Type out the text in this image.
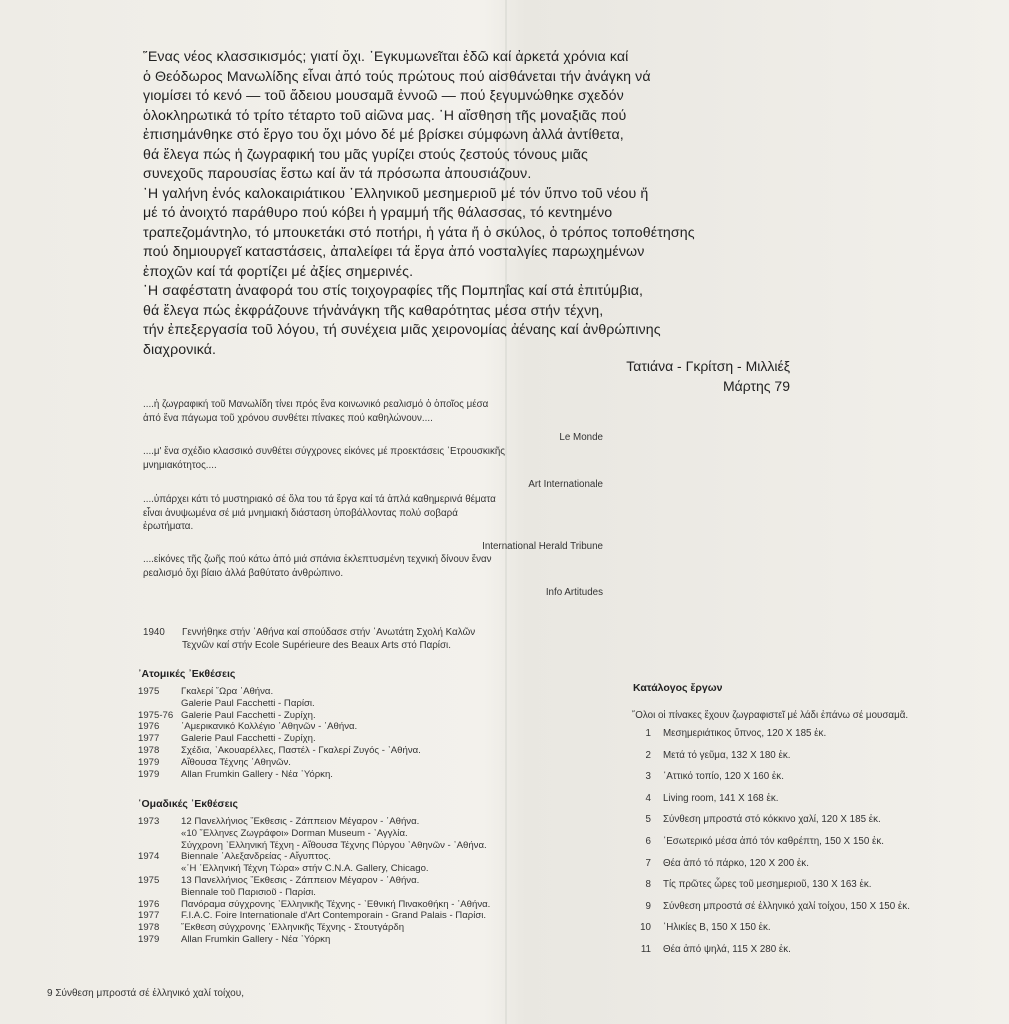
῞Ενας νέος κλασσικισμός; γιατί ὄχι. ᾽Εγκυμωνεῖται ἐδῶ καί ἀρκετά χρόνια καί

ὁ Θεόδωρος Μανωλίδης εἶναι ἀπό τούς πρώτους πού αἰσθάνεται τήν ἀνάγκη νά

γιομίσει τό κενό — τοῦ ἄδειου μουσαμᾶ ἐννοῶ — πού ξεγυμνώθηκε σχεδόν

ὁλοκληρωτικά τό τρίτο τέταρτο τοῦ αἰῶνα μας. ῾Η αἴσθηση τῆς μοναξιᾶς πού

ἐπισημάνθηκε στό ἔργο του ὄχι μόνο δέ μέ βρίσκει σύμφωνη ἀλλά ἀντίθετα,

θά ἔλεγα πώς ἡ ζωγραφική του μᾶς γυρίζει στούς ζεστούς τόνους μιᾶς

συνεχοῦς παρουσίας ἔστω καί ἄν τά πρόσωπα ἀπουσιάζουν.

῾Η γαλήνη ἑνός καλοκαιριάτικου ῾Ελληνικοῦ μεσημεριοῦ μέ τόν ὕπνο τοῦ νέου ἤ

μέ τό ἀνοιχτό παράθυρο πού κόβει ἡ γραμμή τῆς θάλασσας, τό κεντημένο

τραπεζομάντηλο, τό μπουκετάκι στό ποτήρι, ἡ γάτα ἤ ὁ σκύλος, ὁ τρόπος τοποθέτησης

πού δημιουργεῖ καταστάσεις, ἀπαλείφει τά ἔργα ἀπό νοσταλγίες παρωχημένων

ἐποχῶν καί τά φορτίζει μέ ἀξίες σημερινές.

῾Η σαφέστατη ἀναφορά του στίς τοιχογραφίες τῆς Πομπηΐας καί στά ἐπιτύμβια,

θά ἔλεγα πώς ἐκφράζουνε τήνἀνάγκη τῆς καθαρότητας μέσα στήν τέχνη,

τήν ἐπεξεργασία τοῦ λόγου, τή συνέχεια μιᾶς χειρονομίας ἀέναης καί ἀνθρώπινης

διαχρονικά.

Τατιάνα - Γκρίτση - Μιλλιέξ
Μάρτης 79
....ἡ ζωγραφική τοῦ Μανωλίδη τίνει πρός ἕνα κοινωνικό ρεαλισμό ὁ ὁποῖος μέσα
ἀπό ἕνα πάγωμα τοῦ χρόνου συνθέτει πίνακες πού καθηλώνουν....
Le Monde
....μ' ἕνα σχέδιο κλασσικό συνθέτει σύγχρονες εἰκόνες μέ προεκτάσεις ᾽Ετρουσκικῆς
μνημιακότητος....
Art Internationale
....ὑπάρχει κάτι τό μυστηριακό σέ ὅλα του τά ἔργα καί τά ἁπλά καθημερινά θέματα
εἶναι ἀνυψωμένα σέ μιά μνημιακή διάσταση ὑποβάλλοντας πολύ σοβαρά
ἐρωτήματα.
International Herald Tribune
....εἰκόνες τῆς ζωῆς πού κάτω ἀπό μιά σπάνια ἐκλεπτυσμένη τεχνική δίνουν ἕναν
ρεαλισμό ὄχι βίαιο ἀλλά βαθύτατο ἀνθρώπινο.
Info Artitudes
1940 Γεννήθηκε στήν ᾽Αθήνα καί σπούδασε στήν ᾽Ανωτάτη Σχολή Καλῶν
Τεχνῶν καί στήν Ecole Supérieure des Beaux Arts στό Παρίσι.
᾽Ατομικές ᾽Εκθέσεις
1975	Γκαλερί ῞Ωρα ᾽Αθήνα.
Galerie Paul Facchetti - Παρίσι.
1975-76 Galerie Paul Facchetti - Ζυρίχη.
1976	᾽Αμερικανικό Κολλέγιο ᾽Αθηνῶν - ᾽Αθήνα.
1977	Galerie Paul Facchetti - Ζυρίχη.
1978	Σχέδια, ᾽Ακουαρέλλες, Παστέλ - Γκαλερί Ζυγός - ᾽Αθήνα.
1979	Αἴθουσα Τέχνης ᾽Αθηνῶν.
1979	Allan Frumkin Gallery - Νέα ῾Υόρκη.
῾Ομαδικές ᾽Εκθέσεις
1973	12 Πανελλήνιος ῎Εκθεσις - Ζάππειον Μέγαρον - ᾽Αθήνα.
«10 ῞Ελληνες Ζωγράφοι» Dorman Museum - ᾽Αγγλία.
Σύγχρονη ᾽Ελληνική Τέχνη - Αἴθουσα Τέχνης Πύργου ᾽Αθηνῶν - ᾽Αθήνα.
1974	Biennale ᾽Αλεξανδρείας - Αἴγυπτος.
«῾Η ᾽Ελληνική Τέχνη Τώρα» στήν C.N.A. Gallery, Chicago.
1975	13 Πανελλήνιος ῎Εκθεσις - Ζάππειον Μέγαρον - ᾽Αθήνα.
Biennale τοῦ Παρισιοῦ - Παρίσι.
1976	Πανόραμα σύγχρονης ᾽Ελληνικῆς Τέχνης - ᾽Εθνική Πινακοθήκη - ᾽Αθήνα.
1977	F.I.A.C. Foire Internationale d'Art Contemporain - Grand Palais - Παρίσι.
1978	῎Εκθεση σύγχρονης ᾽Ελληνικῆς Τέχνης - Στουτγάρδη
1979	Allan Frumkin Gallery - Νέα ῾Υόρκη
Κατάλογος ἔργων
῞Ολοι οἱ πίνακες ἔχουν ζωγραφιστεῖ μέ λάδι ἐπάνω σέ μουσαμᾶ.
1 Μεσημεριάτικος ὕπνος, 120 X 185 ἑκ.
2 Μετά τό γεῦμα, 132 X 180 ἑκ.
3 ᾽Αττικό τοπίο, 120 X 160 ἑκ.
4 Living room, 141 X 168 ἑκ.
5 Σύνθεση μπροστά στό κόκκινο χαλί, 120 X 185 ἑκ.
6 ᾽Εσωτερικό μέσα ἀπό τόν καθρέπτη, 150 X 150 ἑκ.
7 Θέα ἀπό τό πάρκο, 120 X 200 ἑκ.
8 Τίς πρῶτες ὧρες τοῦ μεσημεριοῦ, 130 X 163 ἑκ.
9 Σύνθεση μπροστά σέ ἑλληνικό χαλί τοίχου, 150 X 150 ἑκ.
10 ῾Ηλικίες Β, 150 X 150 ἑκ.
11 Θέα ἀπό ψηλά, 115 X 280 ἑκ.
9 Σύνθεση μπροστά σέ ἑλληνικό χαλί τοίχου,
